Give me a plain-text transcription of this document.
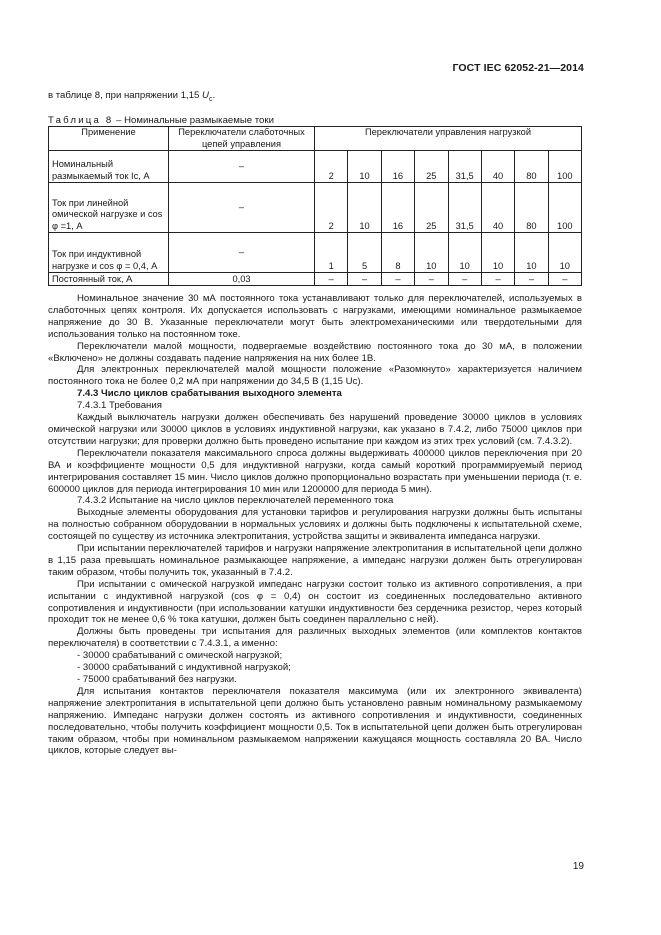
ГОСТ IEC 62052-21—2014
в таблице 8, при напряжении 1,15 $U_c$.
Таблица 8 – Номинальные размыкаемые токи
Применение	Переключатели слаботочных цепей управления	Переключатели управления нагрузкой							
Номинальный размыкаемый ток Ic, А	–	2	10	16	25	31,5	40	80	100
Ток при линейной омической нагрузке и cos φ =1, А	–	2	10	16	25	31,5	40	80	100
Ток при индуктивной нагрузке и cos φ = 0,4, А	–	1	5	8	10	10	10	10	10
Постоянный ток, А	0,03	–	–	–	–	–	–	–	–

Номинальное значение 30 мА постоянного тока устанавливают только для переключателей, используемых в слаботочных цепях контроля. Их допускается использовать с нагрузками, имеющими номинальное размыкаемое напряжение до 30 В. Указанные переключатели могут быть электромеханическими или твердотельными для использования только на постоянном токе.

Переключатели малой мощности, подвергаемые воздействию постоянного тока до 30 мА, в положении «Включено» не должны создавать падение напряжения на них более 1В.

Для электронных переключателей малой мощности положение «Разомкнуто» характеризуется наличием постоянного тока не более 0,2 мА при напряжении до 34,5 В (1,15 Uc).

7.4.3 Число циклов срабатывания выходного элемента

7.4.3.1 Требования

Каждый выключатель нагрузки должен обеспечивать без нарушений проведение 30000 циклов в условиях омической нагрузки или 30000 циклов в условиях индуктивной нагрузки, как указано в 7.4.2, либо 75000 циклов при отсутствии нагрузки; для проверки должно быть проведено испытание при каждом из этих трех условий (см. 7.4.3.2).

Переключатели показателя максимального спроса должны выдерживать 400000 циклов переключения при 20 ВА и коэффициенте мощности 0,5 для индуктивной нагрузки, когда самый короткий программируемый период интегрирования составляет 15 мин. Число циклов должно пропорционально возрастать при уменьшении периода (т. е. 600000 циклов для периода интегрирования 10 мин или 1200000 для периода 5 мин).

7.4.3.2 Испытание на число циклов переключателей переменного тока

Выходные элементы оборудования для установки тарифов и регулирования нагрузки должны быть испытаны на полностью собранном оборудовании в нормальных условиях и должны быть подключены к испытательной схеме, состоящей по существу из источника электропитания, устройства защиты и эквивалента импеданса нагрузки.

При испытании переключателей тарифов и нагрузки напряжение электропитания в испытательной цепи должно в 1,15 раза превышать номинальное размыкающее напряжение, а импеданс нагрузки должен быть отрегулирован таким образом, чтобы получить ток, указанный в 7.4.2.

При испытании с омической нагрузкой импеданс нагрузки состоит только из активного сопротивления, а при испытании с индуктивной нагрузкой (cos φ = 0,4) он состоит из соединенных последовательно активного сопротивления и индуктивности (при использовании катушки индуктивности без сердечника резистор, через который проходит ток не менее 0,6 % тока катушки, должен быть соединен параллельно с ней).

Должны быть проведены три испытания для различных выходных элементов (или комплектов контактов переключателя) в соответствии с 7.4.3.1, а именно:

- 30000 срабатываний с омической нагрузкой;

- 30000 срабатываний с индуктивной нагрузкой;

- 75000 срабатываний без нагрузки.

Для испытания контактов переключателя показателя максимума (или их электронного эквивалента) напряжение электропитания в испытательной цепи должно быть установлено равным номинальному размыкаемому напряжению. Импеданс нагрузки должен состоять из активного сопротивления и индуктивности, соединенных последовательно, чтобы получить коэффициент мощности 0,5. Ток в испытательной цепи должен быть отрегулирован таким образом, чтобы при номинальном размыкаемом напряжении кажущаяся мощность составляла 20 ВА. Число циклов, которые следует вы-

19
